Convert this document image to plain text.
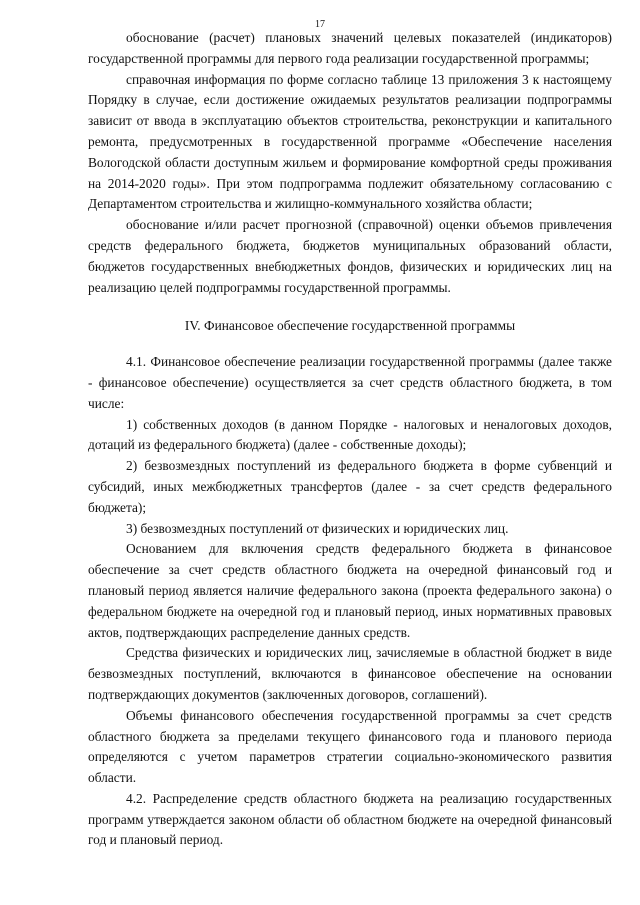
17

обоснование (расчет) плановых значений целевых показателей (индикаторов) государственной программы для первого года реализации государственной программы;

справочная информация по форме согласно таблице 13 приложения 3 к настоящему Порядку в случае, если достижение ожидаемых результатов реализации подпрограммы зависит от ввода в эксплуатацию объектов строительства, реконструкции и капитального ремонта, предусмотренных в государственной программе «Обеспечение населения Вологодской области доступным жильем и формирование комфортной среды проживания на 2014-2020 годы». При этом подпрограмма подлежит обязательному согласованию с Департаментом строительства и жилищно-коммунального хозяйства области;

обоснование и/или расчет прогнозной (справочной) оценки объемов привлечения средств федерального бюджета, бюджетов муниципальных образований области, бюджетов государственных внебюджетных фондов, физических и юридических лиц на реализацию целей подпрограммы государственной программы.

IV. Финансовое обеспечение государственной программы

4.1. Финансовое обеспечение реализации государственной программы (далее также - финансовое обеспечение) осуществляется за счет средств областного бюджета, в том числе:

1) собственных доходов (в данном Порядке - налоговых и неналоговых доходов, дотаций из федерального бюджета) (далее - собственные доходы);

2) безвозмездных поступлений из федерального бюджета в форме субвенций и субсидий, иных межбюджетных трансфертов (далее - за счет средств федерального бюджета);

3) безвозмездных поступлений от физических и юридических лиц.

Основанием для включения средств федерального бюджета в финансовое обеспечение за счет средств областного бюджета на очередной финансовый год и плановый период является наличие федерального закона (проекта федерального закона) о федеральном бюджете на очередной год и плановый период, иных нормативных правовых актов, подтверждающих распределение данных средств.

Средства физических и юридических лиц, зачисляемые в областной бюджет в виде безвозмездных поступлений, включаются в финансовое обеспечение на основании подтверждающих документов (заключенных договоров, соглашений).

Объемы финансового обеспечения государственной программы за счет средств областного бюджета за пределами текущего финансового года и планового периода определяются с учетом параметров стратегии социально-экономического развития области.

4.2. Распределение средств областного бюджета на реализацию государственных программ утверждается законом области об областном бюджете на очередной финансовый год и плановый период.
